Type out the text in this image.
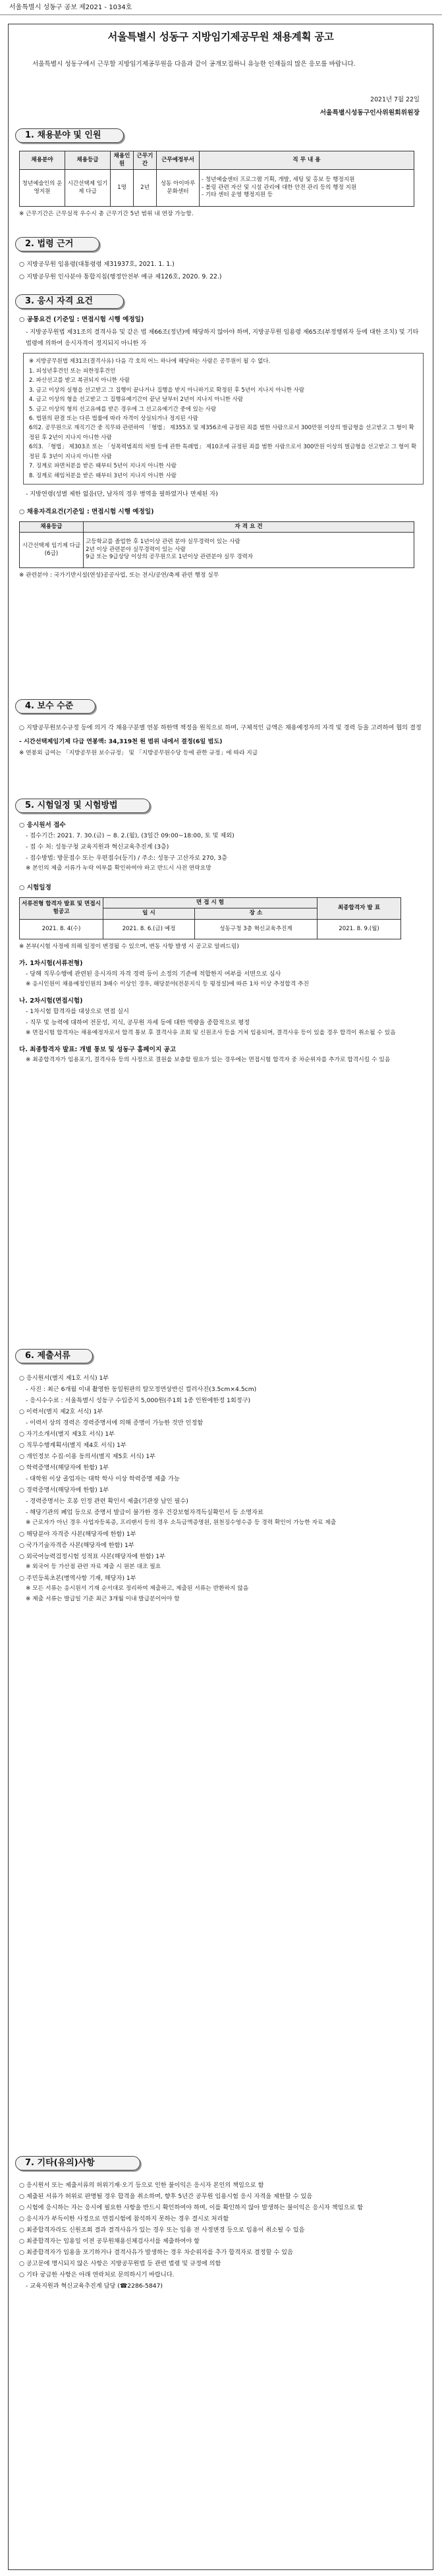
서울특별시 성동구 공보 제2021 - 1034호
서울특별시 성동구 지방임기제공무원 채용계획 공고
서울특별시 성동구에서 근무할 지방임기제공무원을 다음과 같이 공개모집하니 유능한 인재들의 많은 응모를 바랍니다.
2021년 7월 22일
서울특별시성동구인사위원회위원장
1. 채용분야 및 인원
채용분야	채용등급	채용인원	근무기간	근무예정부서	직 무 내 용
청년예술인의 운영지원	시간선택제 임기제 다급	1명	2년	성동 아이마루 문화센터	- 청년예술센터 프로그램 기획, 개발, 세팅 및 홍보 등 행정지원
- 볼링 관련 자산 및 시설 관리에 대한 안전 관리 등의 행정 지원
- 기타 센터 운영 행정지원 등
※ 근무기간은 근무실적 우수시 총 근무기간 5년 범위 내 연장 가능함.
2. 법령 근거
○ 지방공무원 임용령(대통령령 제31937호, 2021. 1. 1.)
○ 지방공무원 인사분야 통합지침(행정안전부 예규 제126호, 2020. 9. 22.)
3. 응시 자격 요건
○ 공통요건 (기준일 : 면접시험 시행 예정일)
- 지방공무원법 제31조의 결격사유 및 같은 법 제66조(정년)에 해당하지 않아야 하며, 지방공무원 임용령 제65조(부정행위자 등에 대한 조치) 및 기타 법령에 의하여 응시자격이 정지되지 아니한 자
※ 지방공무원법 제31조(결격사유) 다음 각 호의 어느 하나에 해당하는 사람은 공무원이 될 수 없다.
1. 피성년후견인 또는 피한정후견인
2. 파산선고를 받고 복권되지 아니한 사람
3. 금고 이상의 실형을 선고받고 그 집행이 끝나거나 집행을 받지 아니하기로 확정된 후 5년이 지나지 아니한 사람
4. 금고 이상의 형을 선고받고 그 집행유예기간이 끝난 날부터 2년이 지나지 아니한 사람
5. 금고 이상의 형의 선고유예를 받은 경우에 그 선고유예기간 중에 있는 사람
6. 법원의 판결 또는 다른 법률에 따라 자격이 상실되거나 정지된 사람
6의2. 공무원으로 재직기간 중 직무와 관련하여 「형법」 제355조 및 제356조에 규정된 죄를 범한 사람으로서 300만원 이상의 벌금형을 선고받고 그 형이 확정된 후 2년이 지나지 아니한 사람
6의3. 「형법」 제303조 또는 「성폭력범죄의 처벌 등에 관한 특례법」 제10조에 규정된 죄를 범한 사람으로서 300만원 이상의 벌금형을 선고받고 그 형이 확정된 후 3년이 지나지 아니한 사람
7. 징계로 파면처분을 받은 때부터 5년이 지나지 아니한 사람
8. 징계로 해임처분을 받은 때부터 3년이 지나지 아니한 사람
- 지방연령(성별 제한 없음(단, 남자의 경우 병역을 필하였거나 면제된 자)
○ 채용자격요건(기준일 : 면접시험 시행 예정일)
채용등급	자 격 요 건
시간선택제 임기제 다급(6급)	고등학교를 졸업한 후 1년이상 관련 분야 실무경력이 있는 사람
2년 이상 관련분야 실무경력이 있는 사람
9급 또는 9급상당 이상의 공무원으로 1년이상 관련분야 실무 경력자
※ 관련분야 : 국가기반시설(연성)공공사업, 또는 전시/공연/축제 관련 행정 실무
4. 보수 수준
○ 지방공무원보수규정 등에 의거 각 채용구분별 연봉 하한액 책정을 원칙으로 하며, 구체적인 금액은 채용예정자의 자격 및 경력 등을 고려하여 협의 결정
- 시간선택제임기제 다급 연봉액: 34,319천 원 범위 내에서 결정(6일 범도)
※ 연봉외 급여는 「지방공무원 보수규정」 및 「지방공무원수당 등에 관한 규정」에 따라 지급
5. 시험일정 및 시험방법
○ 응시원서 접수
- 접수기간: 2021. 7. 30.(금) ~ 8. 2.(월), (3일간 09:00~18:00, 토 및 제외)
- 접 수 처: 성동구청 교육지원과 혁신교육추진계 (3층)
- 접수방법: 방문접수 또는 우편접수(등기) / 주소: 성동구 고산자로 270, 3층
※ 본인의 제출 서류가 누락 여부를 확인하여야 하고 반드시 사전 연락요망
○ 시험일정
서류전형 합격자 발표 및 면접시험공고	면 접 시 험		최종합격자 발 표
	일 시	장 소	
2021. 8. 4(수)	2021. 8. 6.(금) 예정	성동구청 3층 혁신교육추진계	2021. 8. 9.(월)
※ 본부(시험 사정에 의해 일정이 변경될 수 있으며, 변동 사항 발생 시 공고로 알려드림)
가. 1차시험(서류전형)
- 당해 직무수행에 관련된 응시자의 자격 경력 등이 소정의 기준에 적합한지 여부를 서면으로 심사
※ 응시인원이 채용예정인원의 3배수 이상인 경우, 해당분야(전문지식 등 평정설)에 따른 1차 이상 추정합격 추진
나. 2차시험(면접시험)
- 1차시험 합격자를 대상으로 면접 실시
- 직무 및 능력에 대하여 전문성, 지식, 공무원 자세 등에 대한 역량을 종합적으로 평정
※ 면접시험 합격자는 채용예정자로서 합격 통보 후 결격사유 조회 및 신원조사 등을 거쳐 임용되며, 결격사유 등이 있을 경우 합격이 취소될 수 있음
다. 최종합격자 발표: 개별 통보 및 성동구 홈페이지 공고
※ 최종합격자가 임용포기, 결격사유 등의 사정으로 결원을 보충할 필요가 있는 경우에는 면접시험 합격자 중 차순위자를 추가로 합격시킬 수 있음
6. 제출서류
○ 응시원서(별지 제1호 서식) 1부
- 사진 : 최근 6개월 이내 촬영한 동일원판의 탈모정면상반신 컬러사진(3.5cm×4.5cm)
- 응시수수료 : 서울특별시 성동구 수입증지 5,000원(주1회 1종 인원에한정 1회정구)
○ 이력서(별지 제2호 서식) 1부
- 이력서 상의 경력은 경력증명서에 의해 증명이 가능한 것만 인정함
○ 자기소개서(별지 제3호 서식) 1부
○ 직무수행계획서(별지 제4호 서식) 1부
○ 개인정보 수집·이용 동의서(별지 제5호 서식) 1부
○ 학력증명서(해당자에 한함) 1부
- 대학원 이상 졸업자는 대학 학사 이상 학력증명 제출 가능
○ 경력증명서(해당자에 한함) 1부
- 경력증명서는 호봉 인정 관련 확인서 제출(기관장 날인 필수)
- 해당기관의 폐업 등으로 증명서 발급이 불가한 경우 건강보험자격득실확인서 등 소명자료
※ 근로자가 아닌 경우 사업자등록증, 프리랜서 등의 경우 소득금액증명원, 원천징수영수증 등 경력 확인이 가능한 자료 제출
○ 해당분야 자격증 사본(해당자에 한함) 1부
○ 국가기술자격증 사본(해당자에 한함) 1부
○ 외국어능력검정시험 성적표 사본(해당자에 한함) 1부
※ 외국어 등 가산점 관련 자료 제출 시 원본 대조 필요
○ 주민등록초본(병역사항 기재, 해당자) 1부
※ 모든 서류는 응시원서 기재 순서대로 정리하여 제출하고, 제출된 서류는 반환하지 않음
※ 제출 서류는 발급일 기준 최근 3개월 이내 발급분이어야 함
7. 기타(유의)사항
○ 응시원서 또는 제출서류의 허위기재·오기 등으로 인한 불이익은 응시자 본인의 책임으로 함
○ 제출된 서류가 허위로 판명될 경우 합격을 취소하며, 향후 5년간 공무원 임용시험 응시 자격을 제한할 수 있음
○ 시험에 응시하는 자는 응시에 필요한 사항을 반드시 확인하여야 하며, 이를 확인하지 않아 발생하는 불이익은 응시자 책임으로 함
○ 응시자가 부득이한 사정으로 면접시험에 참석하지 못하는 경우 결시로 처리함
○ 최종합격자라도 신원조회 결과 결격사유가 있는 경우 또는 임용 전 사정변경 등으로 임용이 취소될 수 있음
○ 최종합격자는 임용일 이전 공무원채용신체검사서를 제출하여야 함
○ 최종합격자가 임용을 포기하거나 결격사유가 발생하는 경우 차순위자를 추가 합격자로 결정할 수 있음
○ 공고문에 명시되지 않은 사항은 지방공무원법 등 관련 법령 및 규정에 의함
○ 기타 궁금한 사항은 아래 연락처로 문의하시기 바랍니다.
- 교육지원과 혁신교육추진계 담당 (☎2286-5847)
